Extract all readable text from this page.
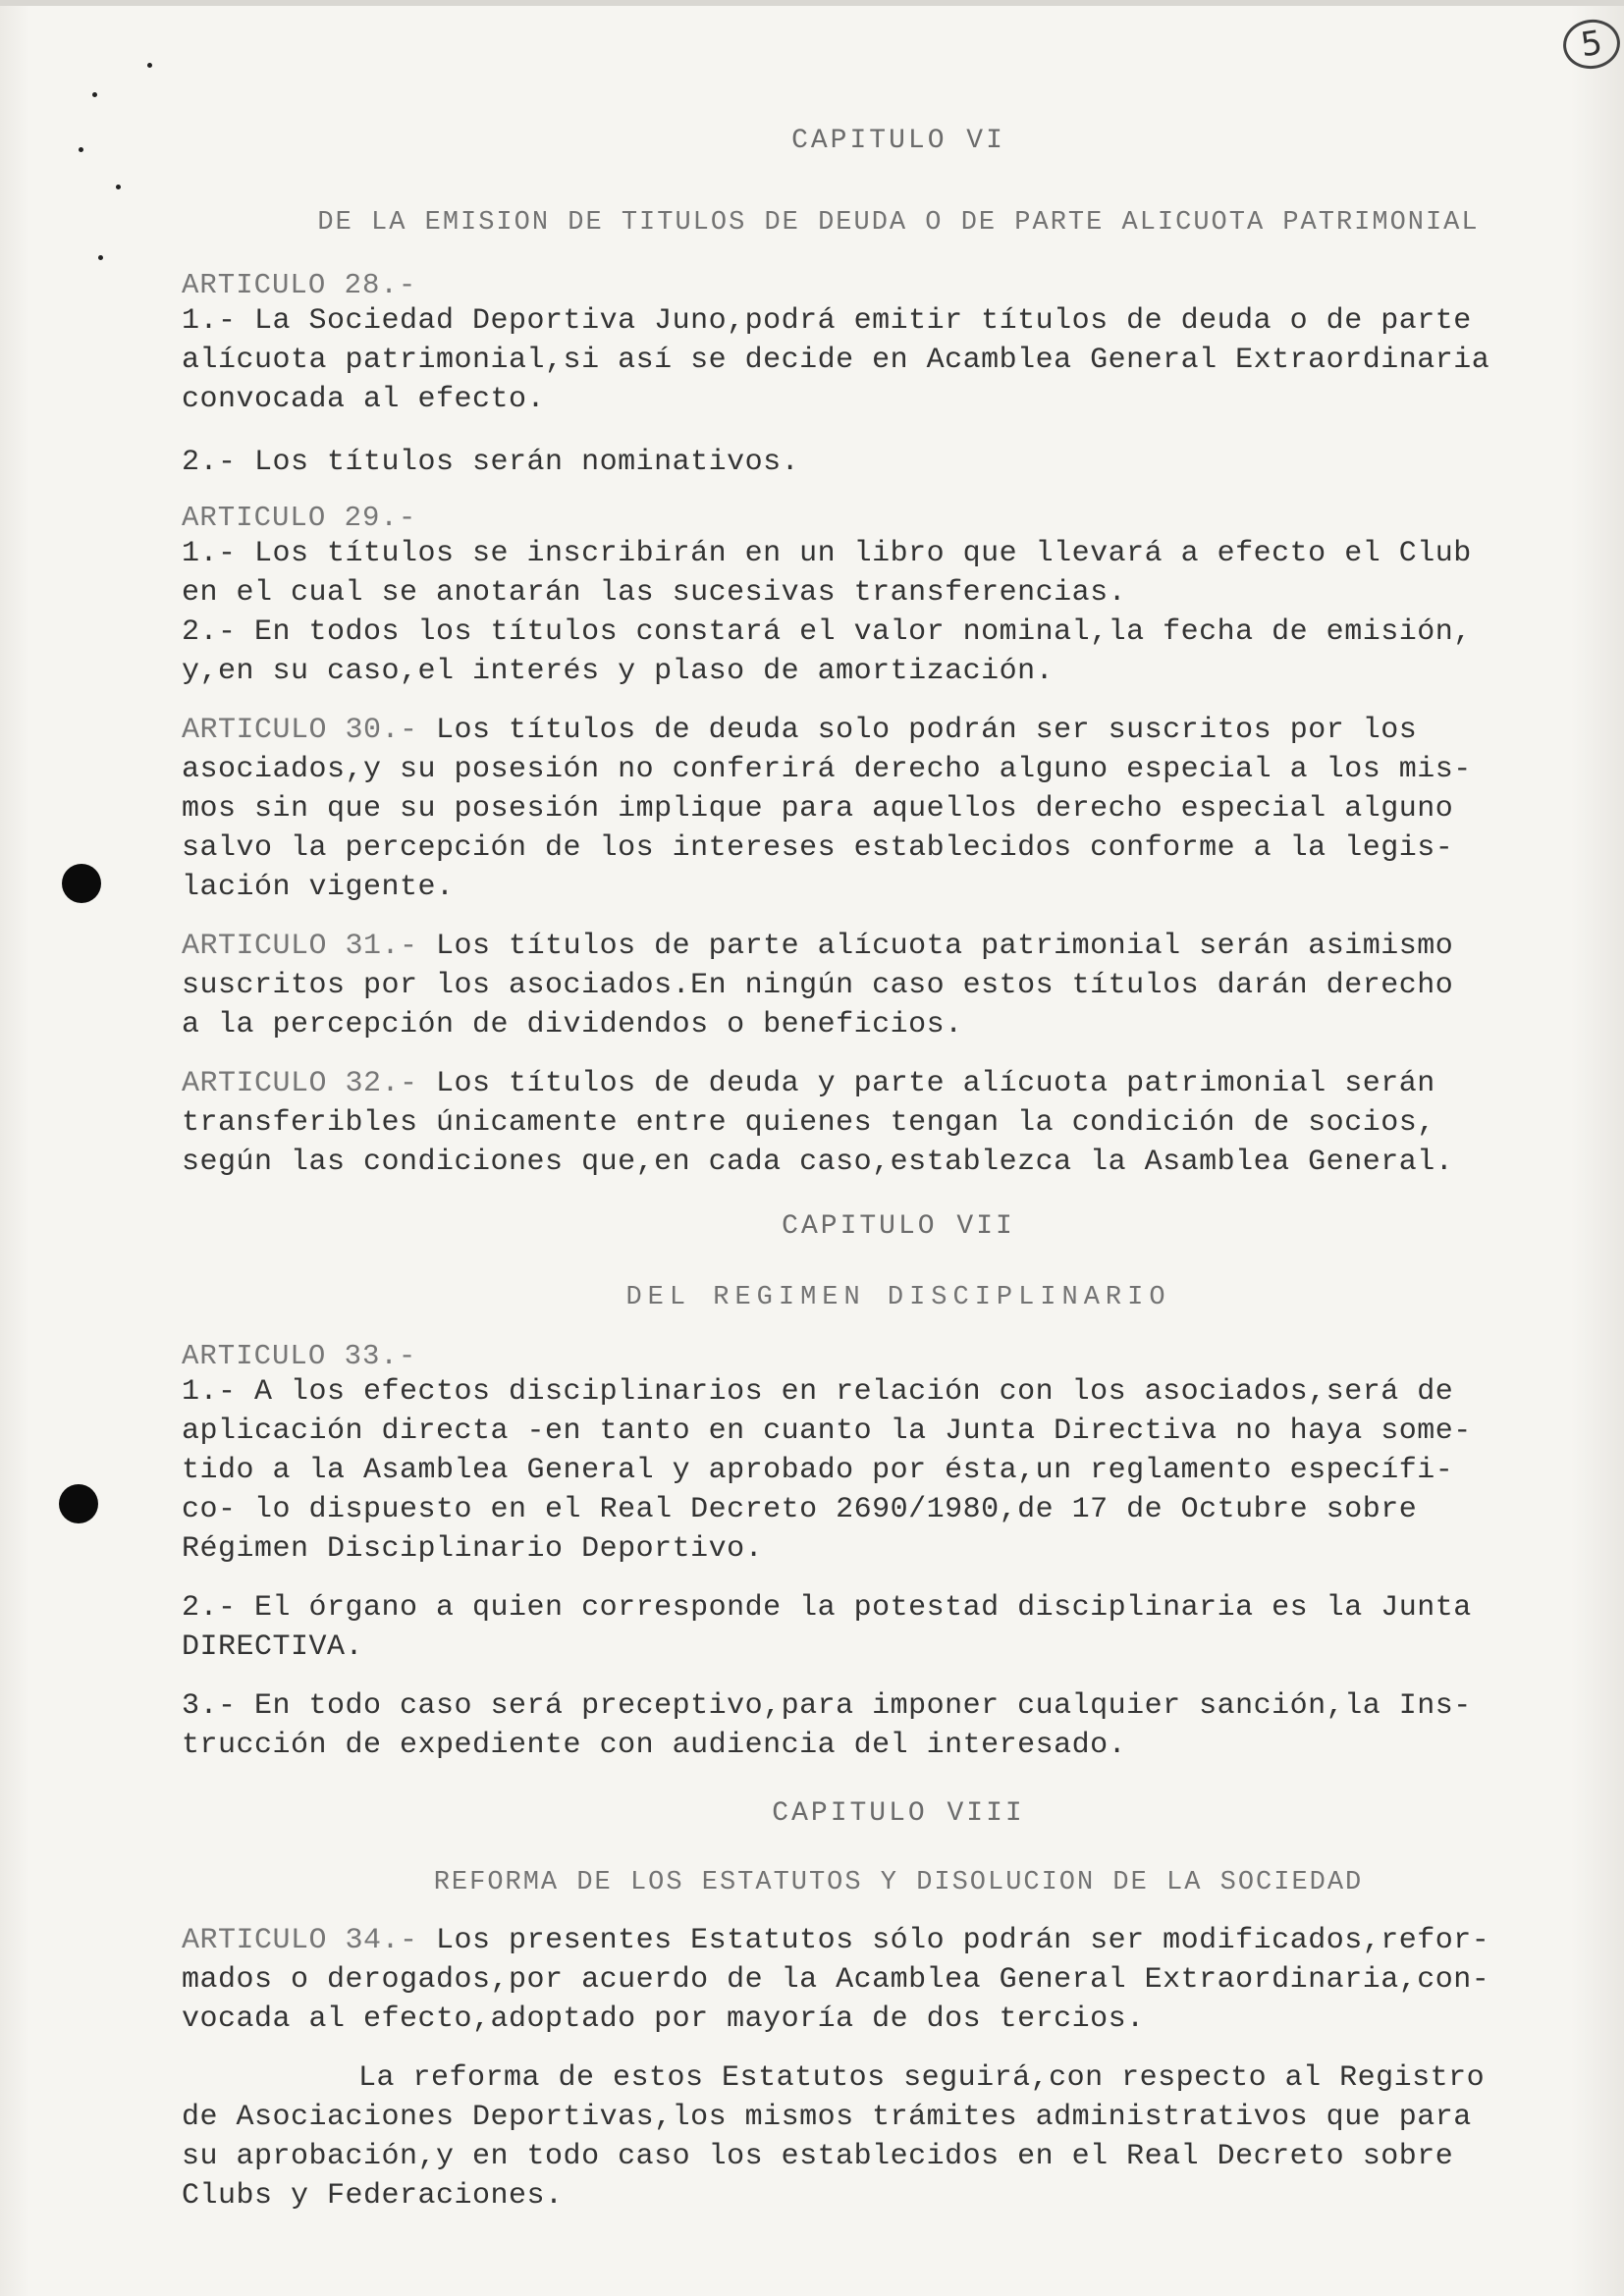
5

CAPITULO VI

DE LA EMISION DE TITULOS DE DEUDA O DE PARTE ALICUOTA PATRIMONIAL

ARTICULO 28.-

1.- La Sociedad Deportiva Juno,podrá emitir títulos de deuda o de parte

alícuota patrimonial,si así se decide en Acamblea General Extraordinaria

convocada al efecto.

2.- Los títulos serán nominativos.

ARTICULO 29.-

1.- Los títulos se inscribirán en un libro que llevará a efecto el Club

en el cual se anotarán las sucesivas transferencias.

2.- En todos los títulos constará el valor nominal,la fecha de emisión,

y,en su caso,el interés y plaso de amortización.

ARTICULO 30.- Los títulos de deuda solo podrán ser suscritos por los

asociados,y su posesión no conferirá derecho alguno especial a los mis-

mos sin que su posesión implique para aquellos derecho especial alguno

salvo la percepción de los intereses establecidos conforme a la legis-

lación vigente.

ARTICULO 31.- Los títulos de parte alícuota patrimonial serán asimismo

suscritos por los asociados.En ningún caso estos títulos darán derecho

a la percepción de dividendos o beneficios.

ARTICULO 32.- Los títulos de deuda y parte alícuota patrimonial serán

transferibles únicamente entre quienes tengan la condición de socios,

según las condiciones que,en cada caso,establezca la Asamblea General.

CAPITULO VII

DEL REGIMEN DISCIPLINARIO

ARTICULO 33.-

1.- A los efectos disciplinarios en relación con los asociados,será de

aplicación directa -en tanto en cuanto la Junta Directiva no haya some-

tido a la Asamblea General y aprobado por ésta,un reglamento específi-

co- lo dispuesto en el Real Decreto 2690/1980,de 17 de Octubre sobre

Régimen Disciplinario Deportivo.

2.- El órgano a quien corresponde la potestad disciplinaria es la Junta

DIRECTIVA.

3.- En todo caso será preceptivo,para imponer cualquier sanción,la Ins-

trucción de expediente con audiencia del interesado.

CAPITULO VIII

REFORMA DE LOS ESTATUTOS Y DISOLUCION DE LA SOCIEDAD

ARTICULO 34.- Los presentes Estatutos sólo podrán ser modificados,refor-

mados o derogados,por acuerdo de la Acamblea General Extraordinaria,con-

vocada al efecto,adoptado por mayoría de dos tercios.

La reforma de estos Estatutos seguirá,con respecto al Registro

de Asociaciones Deportivas,los mismos trámites administrativos que para

su aprobación,y en todo caso los establecidos en el Real Decreto sobre

Clubs y Federaciones.
